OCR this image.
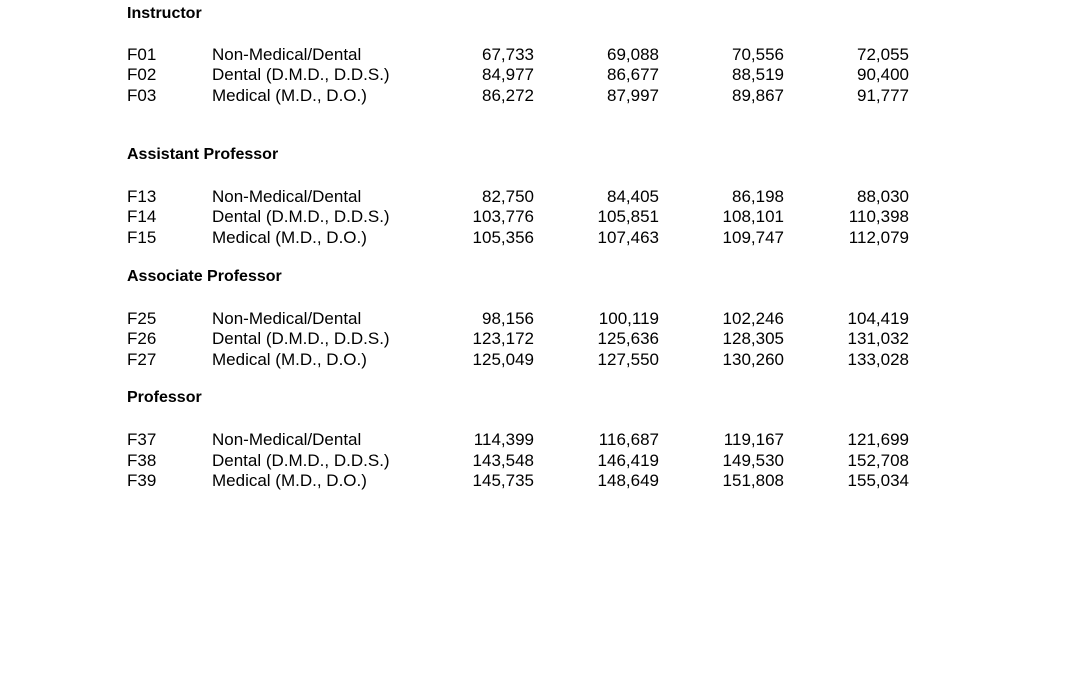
Instructor
F01	Non-Medical/Dental	67,733	69,088	70,556	72,055
F02	Dental (D.M.D., D.D.S.)	84,977	86,677	88,519	90,400
F03	Medical (M.D., D.O.)	86,272	87,997	89,867	91,777
Assistant Professor
F13	Non-Medical/Dental	82,750	84,405	86,198	88,030
F14	Dental (D.M.D., D.D.S.)	103,776	105,851	108,101	110,398
F15	Medical (M.D., D.O.)	105,356	107,463	109,747	112,079
Associate Professor
F25	Non-Medical/Dental	98,156	100,119	102,246	104,419
F26	Dental (D.M.D., D.D.S.)	123,172	125,636	128,305	131,032
F27	Medical (M.D., D.O.)	125,049	127,550	130,260	133,028
Professor
F37	Non-Medical/Dental	114,399	116,687	119,167	121,699
F38	Dental (D.M.D., D.D.S.)	143,548	146,419	149,530	152,708
F39	Medical (M.D., D.O.)	145,735	148,649	151,808	155,034
